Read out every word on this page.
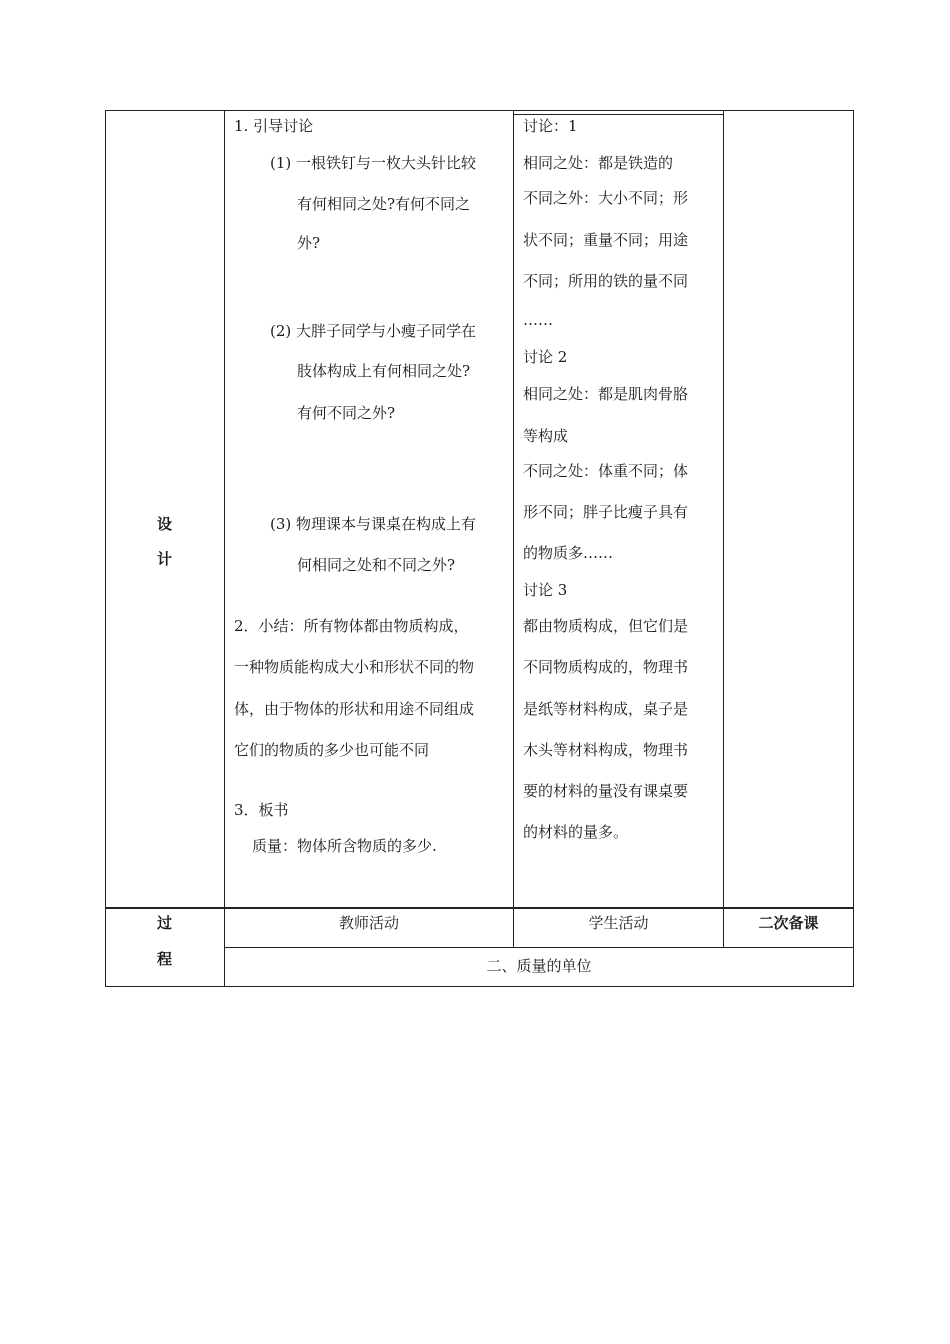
设
计
过
程
1. 引导讨论
(1) 一根铁钉与一枚大头针比较
有何相同之处?有何不同之
外?
(2) 大胖子同学与小瘦子同学在
肢体构成上有何相同之处?
有何不同之外?
(3) 物理课本与课桌在构成上有
何相同之处和不同之外?
2．小结：所有物体都由物质构成，
一种物质能构成大小和形状不同的物
体，由于物体的形状和用途不同组成
它们的物质的多少也可能不同
3．板书
质量：物体所含物质的多少.
讨论：1
相同之处：都是铁造的
不同之外：大小不同；形
状不同；重量不同；用途
不同；所用的铁的量不同
……
讨论 2
相同之处：都是肌肉骨胳
等构成
不同之处：体重不同；体
形不同；胖子比瘦子具有
的物质多……
讨论 3
都由物质构成，但它们是
不同物质构成的，物理书
是纸等材料构成，桌子是
木头等材料构成，物理书
要的材料的量没有课桌要
的材料的量多。
教师活动	学生活动	二次备课
二、质量的单位
